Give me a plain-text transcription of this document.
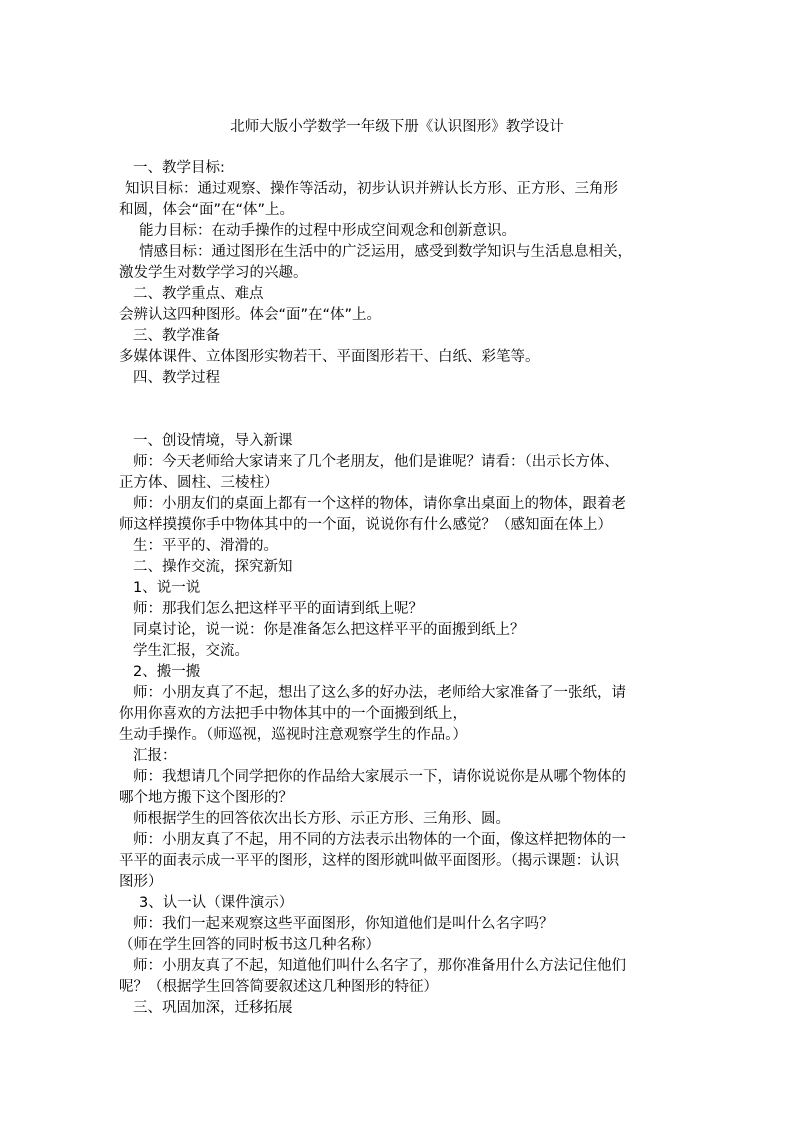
北师大版小学数学一年级下册《认识图形》教学设计
一、教学目标:
知识目标：通过观察、操作等活动，初步认识并辨认长方形、正方形、三角形
和圆，体会“面”在“体”上。
能力目标：在动手操作的过程中形成空间观念和创新意识。
情感目标：通过图形在生活中的广泛运用，感受到数学知识与生活息息相关，
激发学生对数学学习的兴趣。
二、教学重点、难点
会辨认这四种图形。体会“面”在“体”上。
三、教学准备
多媒体课件、立体图形实物若干、平面图形若干、白纸、彩笔等。
四、教学过程
一、创设情境，导入新课
师：今天老师给大家请来了几个老朋友，他们是谁呢？请看：（出示长方体、
正方体、圆柱、三棱柱）
师：小朋友们的桌面上都有一个这样的物体，请你拿出桌面上的物体，跟着老
师这样摸摸你手中物体其中的一个面，说说你有什么感觉？（感知面在体上）
生：平平的、滑滑的。
二、操作交流，探究新知
1、说一说
师：那我们怎么把这样平平的面请到纸上呢？
同桌讨论，说一说：你是准备怎么把这样平平的面搬到纸上？
学生汇报，交流。
2、搬一搬
师：小朋友真了不起，想出了这么多的好办法，老师给大家准备了一张纸，请
你用你喜欢的方法把手中物体其中的一个面搬到纸上，
生动手操作。（师巡视，巡视时注意观察学生的作品。）
汇报：
师：我想请几个同学把你的作品给大家展示一下，请你说说你是从哪个物体的
哪个地方搬下这个图形的？
师根据学生的回答依次出长方形、示正方形、三角形、圆。
师：小朋友真了不起，用不同的方法表示出物体的一个面，像这样把物体的一
平平的面表示成一平平的图形，这样的图形就叫做平面图形。（揭示课题：认识
图形）
3、认一认（课件演示）
师：我们一起来观察这些平面图形，你知道他们是叫什么名字吗？
（师在学生回答的同时板书这几种名称）
师：小朋友真了不起，知道他们叫什么名字了，那你准备用什么方法记住他们
呢？（根据学生回答简要叙述这几种图形的特征）
三、巩固加深，迁移拓展
